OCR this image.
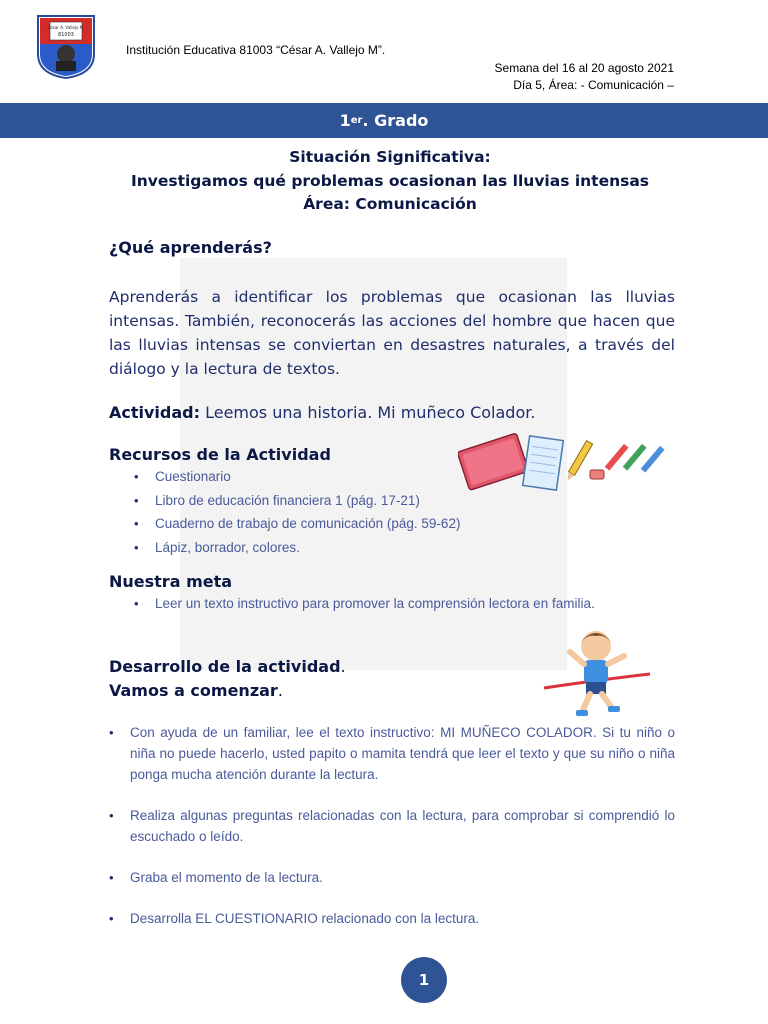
César A. Vallejo M.
81003
Institución Educativa 81003 “César A. Vallejo M”.
Semana del 16 al 20 agosto 2021
Día 5, Área: - Comunicación –
1 er . Grado
Situación Significativa:
Investigamos qué problemas ocasionan las lluvias intensas
Área: Comunicación
¿Qué aprenderás?
Aprenderás a identificar los problemas que ocasionan las lluvias intensas. También, reconocerás las acciones del hombre que hacen que las lluvias intensas se conviertan en desastres naturales, a través del diálogo y la lectura de textos.
Actividad: Leemos una historia. Mi muñeco Colador.
Recursos de la Actividad
• Cuestionario
• Libro de educación financiera 1 (pág. 17-21)
• Cuaderno de trabajo de comunicación (pág. 59-62)
• Lápiz, borrador, colores.
Nuestra meta
• Leer un texto instructivo para promover la comprensión lectora en familia.
Desarrollo de la actividad.
Vamos a comenzar.
• Con ayuda de un familiar, lee el texto instructivo: MI MUÑECO COLADOR. Si tu niño o niña no puede hacerlo, usted papito o mamita tendrá que leer el texto y que su niño o niña ponga mucha atención durante la lectura.
• Realiza algunas preguntas relacionadas con la lectura, para comprobar si comprendió lo escuchado o leído.
• Graba el momento de la lectura.
• Desarrolla EL CUESTIONARIO relacionado con la lectura.
1
